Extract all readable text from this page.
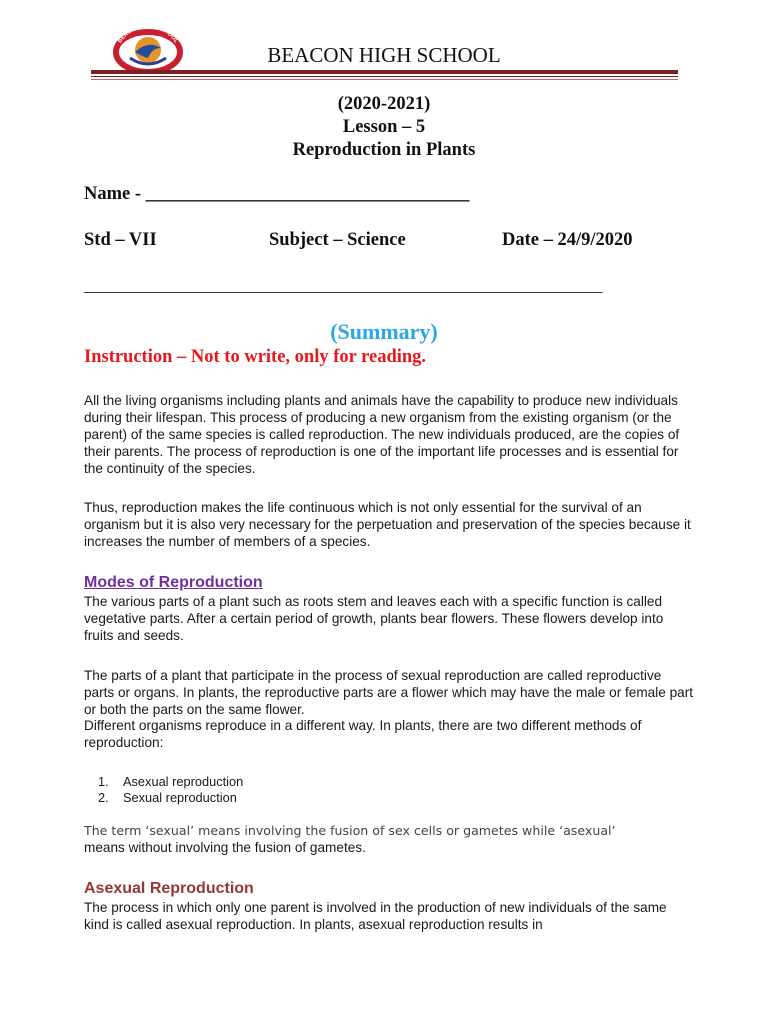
BEACON HIGH SCHOOL
BEACON HIGH SCHOOL
(2020-2021)
Lesson – 5
Reproduction in Plants
Name - ___________________________________
Std – VII	Subject – Science	Date – 24/9/2020
_____________________________________________________________
(Summary)
Instruction – Not to write, only for reading.

All the living organisms including plants and animals have the capability to produce new individuals during their lifespan. This process of producing a new organism from the existing organism (or the parent) of the same species is called reproduction. The new individuals produced, are the copies of their parents. The process of reproduction is one of the important life processes and is essential for the continuity of the species.

Thus, reproduction makes the life continuous which is not only essential for the survival of an organism but it is also very necessary for the perpetuation and preservation of the species because it increases the number of members of a species.

Modes of Reproduction

The various parts of a plant such as roots stem and leaves each with a specific function is called vegetative parts. After a certain period of growth, plants bear flowers. These flowers develop into fruits and seeds.

The parts of a plant that participate in the process of sexual reproduction are called reproductive parts or organs. In plants, the reproductive parts are a flower which may have the male or female part or both the parts on the same flower.

Different organisms reproduce in a different way. In plants, there are two different methods of reproduction:

1.	Asexual reproduction
2.	Sexual reproduction

The term ‘sexual’ means involving the fusion of sex cells or gametes while ‘asexual’

means without involving the fusion of gametes.

Asexual Reproduction

The process in which only one parent is involved in the production of new individuals of the same kind is called asexual reproduction. In plants, asexual reproduction results in
